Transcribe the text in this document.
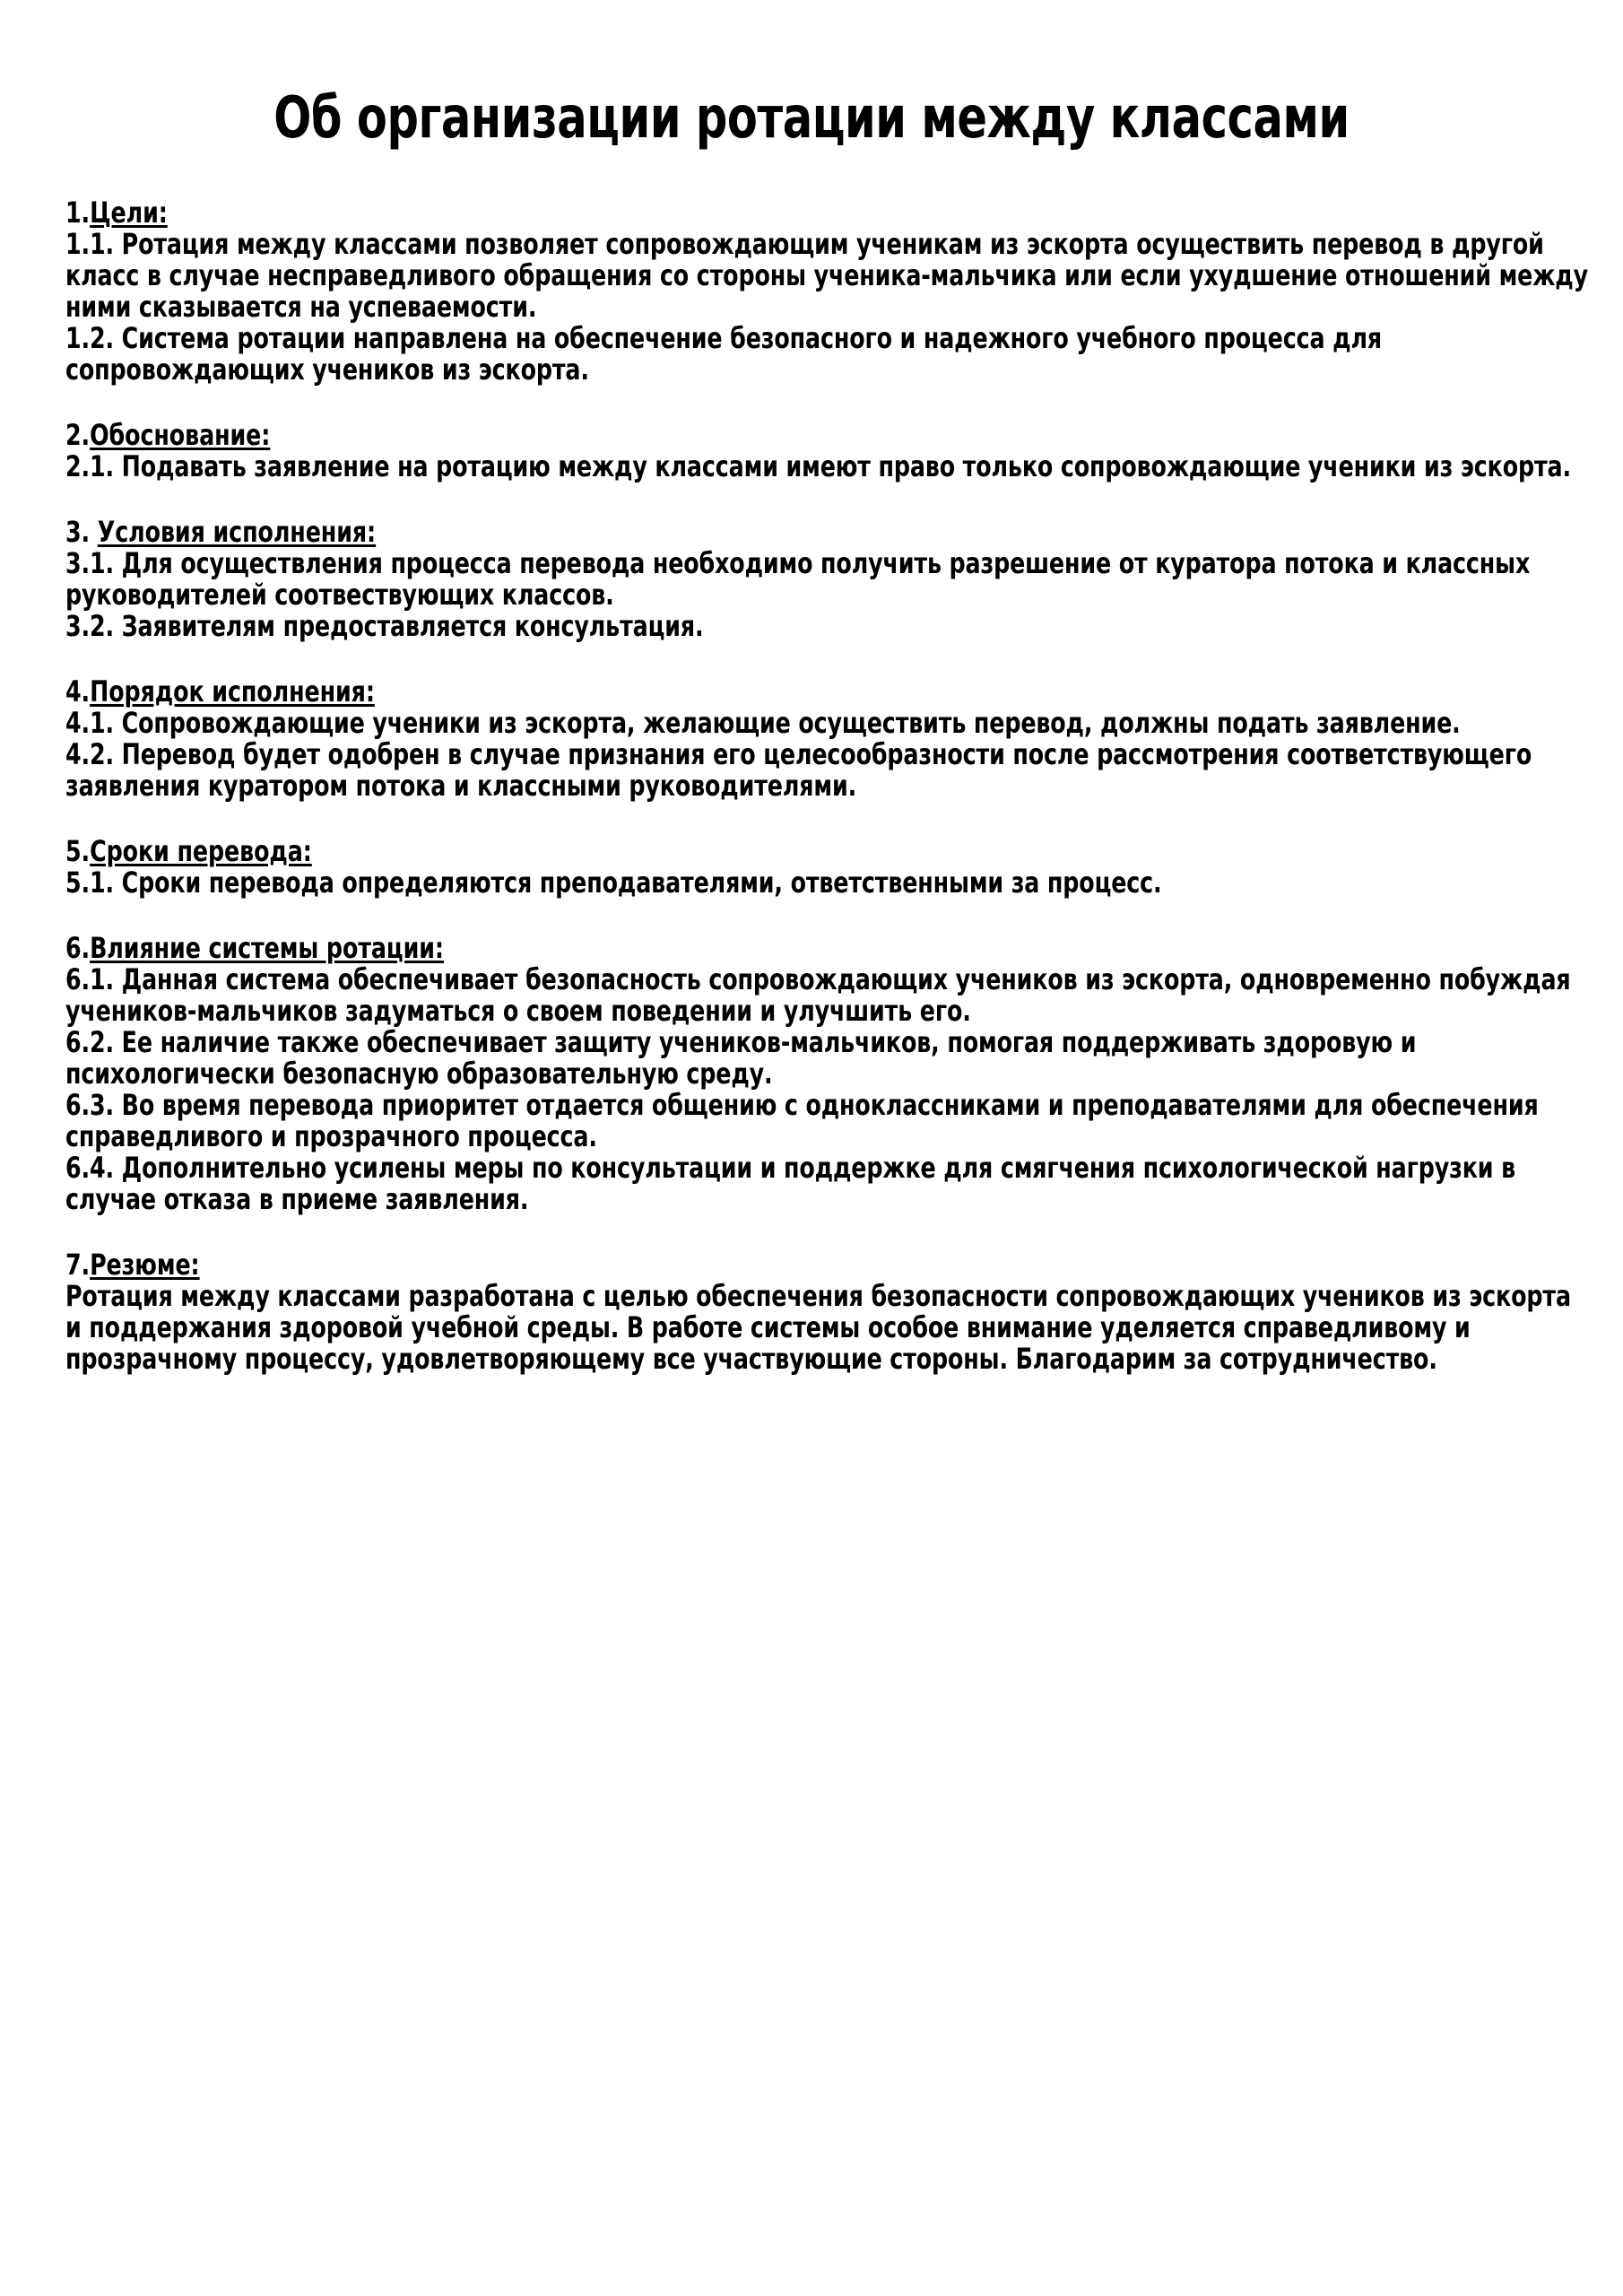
Об организации ротации между классами
1.Цели:

1.1. Ротация между классами позволяет сопровождающим ученикам из эскорта осуществить перевод в другой класс в случае несправедливого обращения со стороны ученика-мальчика или если ухудшение отношений между ними сказывается на успеваемости.

1.2. Система ротации направлена на обеспечение безопасного и надежного учебного процесса для сопровождающих учеников из эскорта.

2.Обоснование:

2.1. Подавать заявление на ротацию между классами имеют право только сопровождающие ученики из эскорта.

3. Условия исполнения:

3.1. Для осуществления процесса перевода необходимо получить разрешение от куратора потока и классных руководителей соотвествующих классов.

3.2. Заявителям предоставляется консультация.

4.Порядок исполнения:

4.1. Сопровождающие ученики из эскорта, желающие осуществить перевод, должны подать заявление.

4.2. Перевод будет одобрен в случае признания его целесообразности после рассмотрения соответствующего заявления куратором потока и классными руководителями.

5.Сроки перевода:

5.1. Сроки перевода определяются преподавателями, ответственными за процесс.

6.Влияние системы ротации:

6.1. Данная система обеспечивает безопасность сопровождающих учеников из эскорта, одновременно побуждая учеников-мальчиков задуматься о своем поведении и улучшить его.

6.2. Ее наличие также обеспечивает защиту учеников-мальчиков, помогая поддерживать здоровую и психологически безопасную образовательную среду.

6.3. Во время перевода приоритет отдается общению с одноклассниками и преподавателями для обеспечения справедливого и прозрачного процесса.

6.4. Дополнительно усилены меры по консультации и поддержке для смягчения психологической нагрузки в случае отказа в приеме заявления.

7.Резюме:

Ротация между классами разработана с целью обеспечения безопасности сопровождающих учеников из эскорта и поддержания здоровой учебной среды. В работе системы особое внимание уделяется справедливому и прозрачному процессу, удовлетворяющему все участвующие стороны. Благодарим за сотрудничество.
